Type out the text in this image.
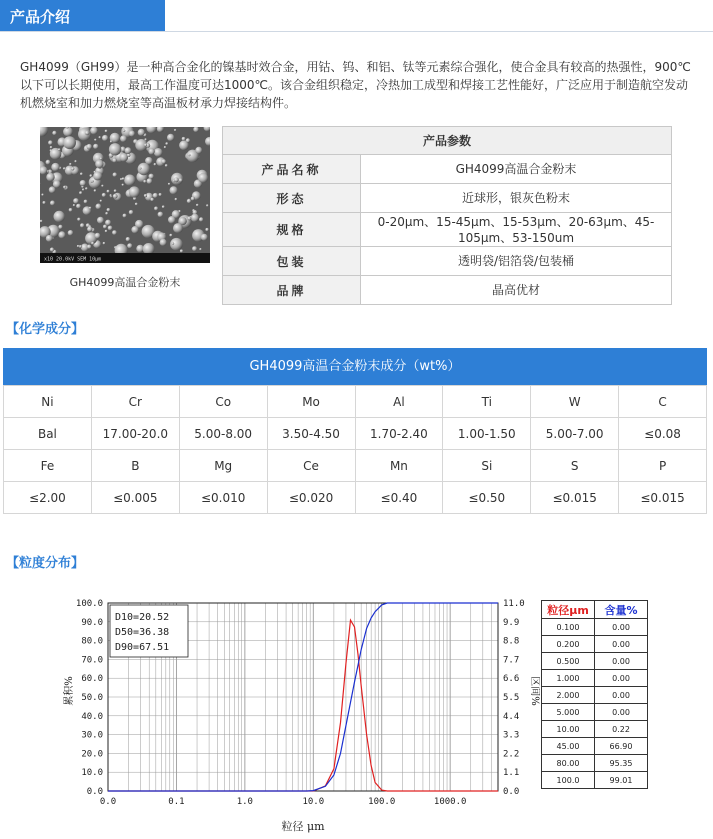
产品介绍

GH4099（GH99）是一种高合金化的镍基时效合金，用钴、钨、和铝、钛等元素综合强化，使合金具有较高的热强性，900℃以下可以长期使用，最高工作温度可达1000℃。该合金组织稳定，冷热加工成型和焊接工艺性能好，广泛应用于制造航空发动机燃烧室和加力燃烧室等高温板材承力焊接结构件。

x10 20.0kV SEM 10μm
GH4099高温合金粉末
产品参数	
产品名称	GH4099高温合金粉末
形态	近球形，银灰色粉末
规格	0-20μm、15-45μm、15-53μm、20-63μm、45-105μm、53-150um
包装	透明袋/铝箔袋/包装桶
品牌	晶高优材
【化学成分】
GH4099高温合金粉末成分（wt%）
Ni	Cr	Co	Mo	Al	Ti	W	C
Bal	17.00-20.0	5.00-8.00	3.50-4.50	1.70-2.40	1.00-1.50	5.00-7.00	≤0.08
Fe	B	Mg	Ce	Mn	Si	S	P
≤2.00	≤0.005	≤0.010	≤0.020	≤0.40	≤0.50	≤0.015	≤0.015
【粒度分布】
0.0
10.0
20.0
30.0
40.0
50.0
60.0
70.0
80.0
90.0
100.0
0.0
1.1
2.2
3.3
4.4
5.5
6.6
7.7
8.8
9.9
11.0
0.0	0.1	1.0	10.0	100.0	1000.0
粒径 μm
累积%	区间%
D10=20.52
D50=36.38
D90=67.51
粒径μm	含量%
0.100	0.00
0.200	0.00
0.500	0.00
1.000	0.00
2.000	0.00
5.000	0.00
10.00	0.22
45.00	66.90
80.00	95.35
100.0	99.01
